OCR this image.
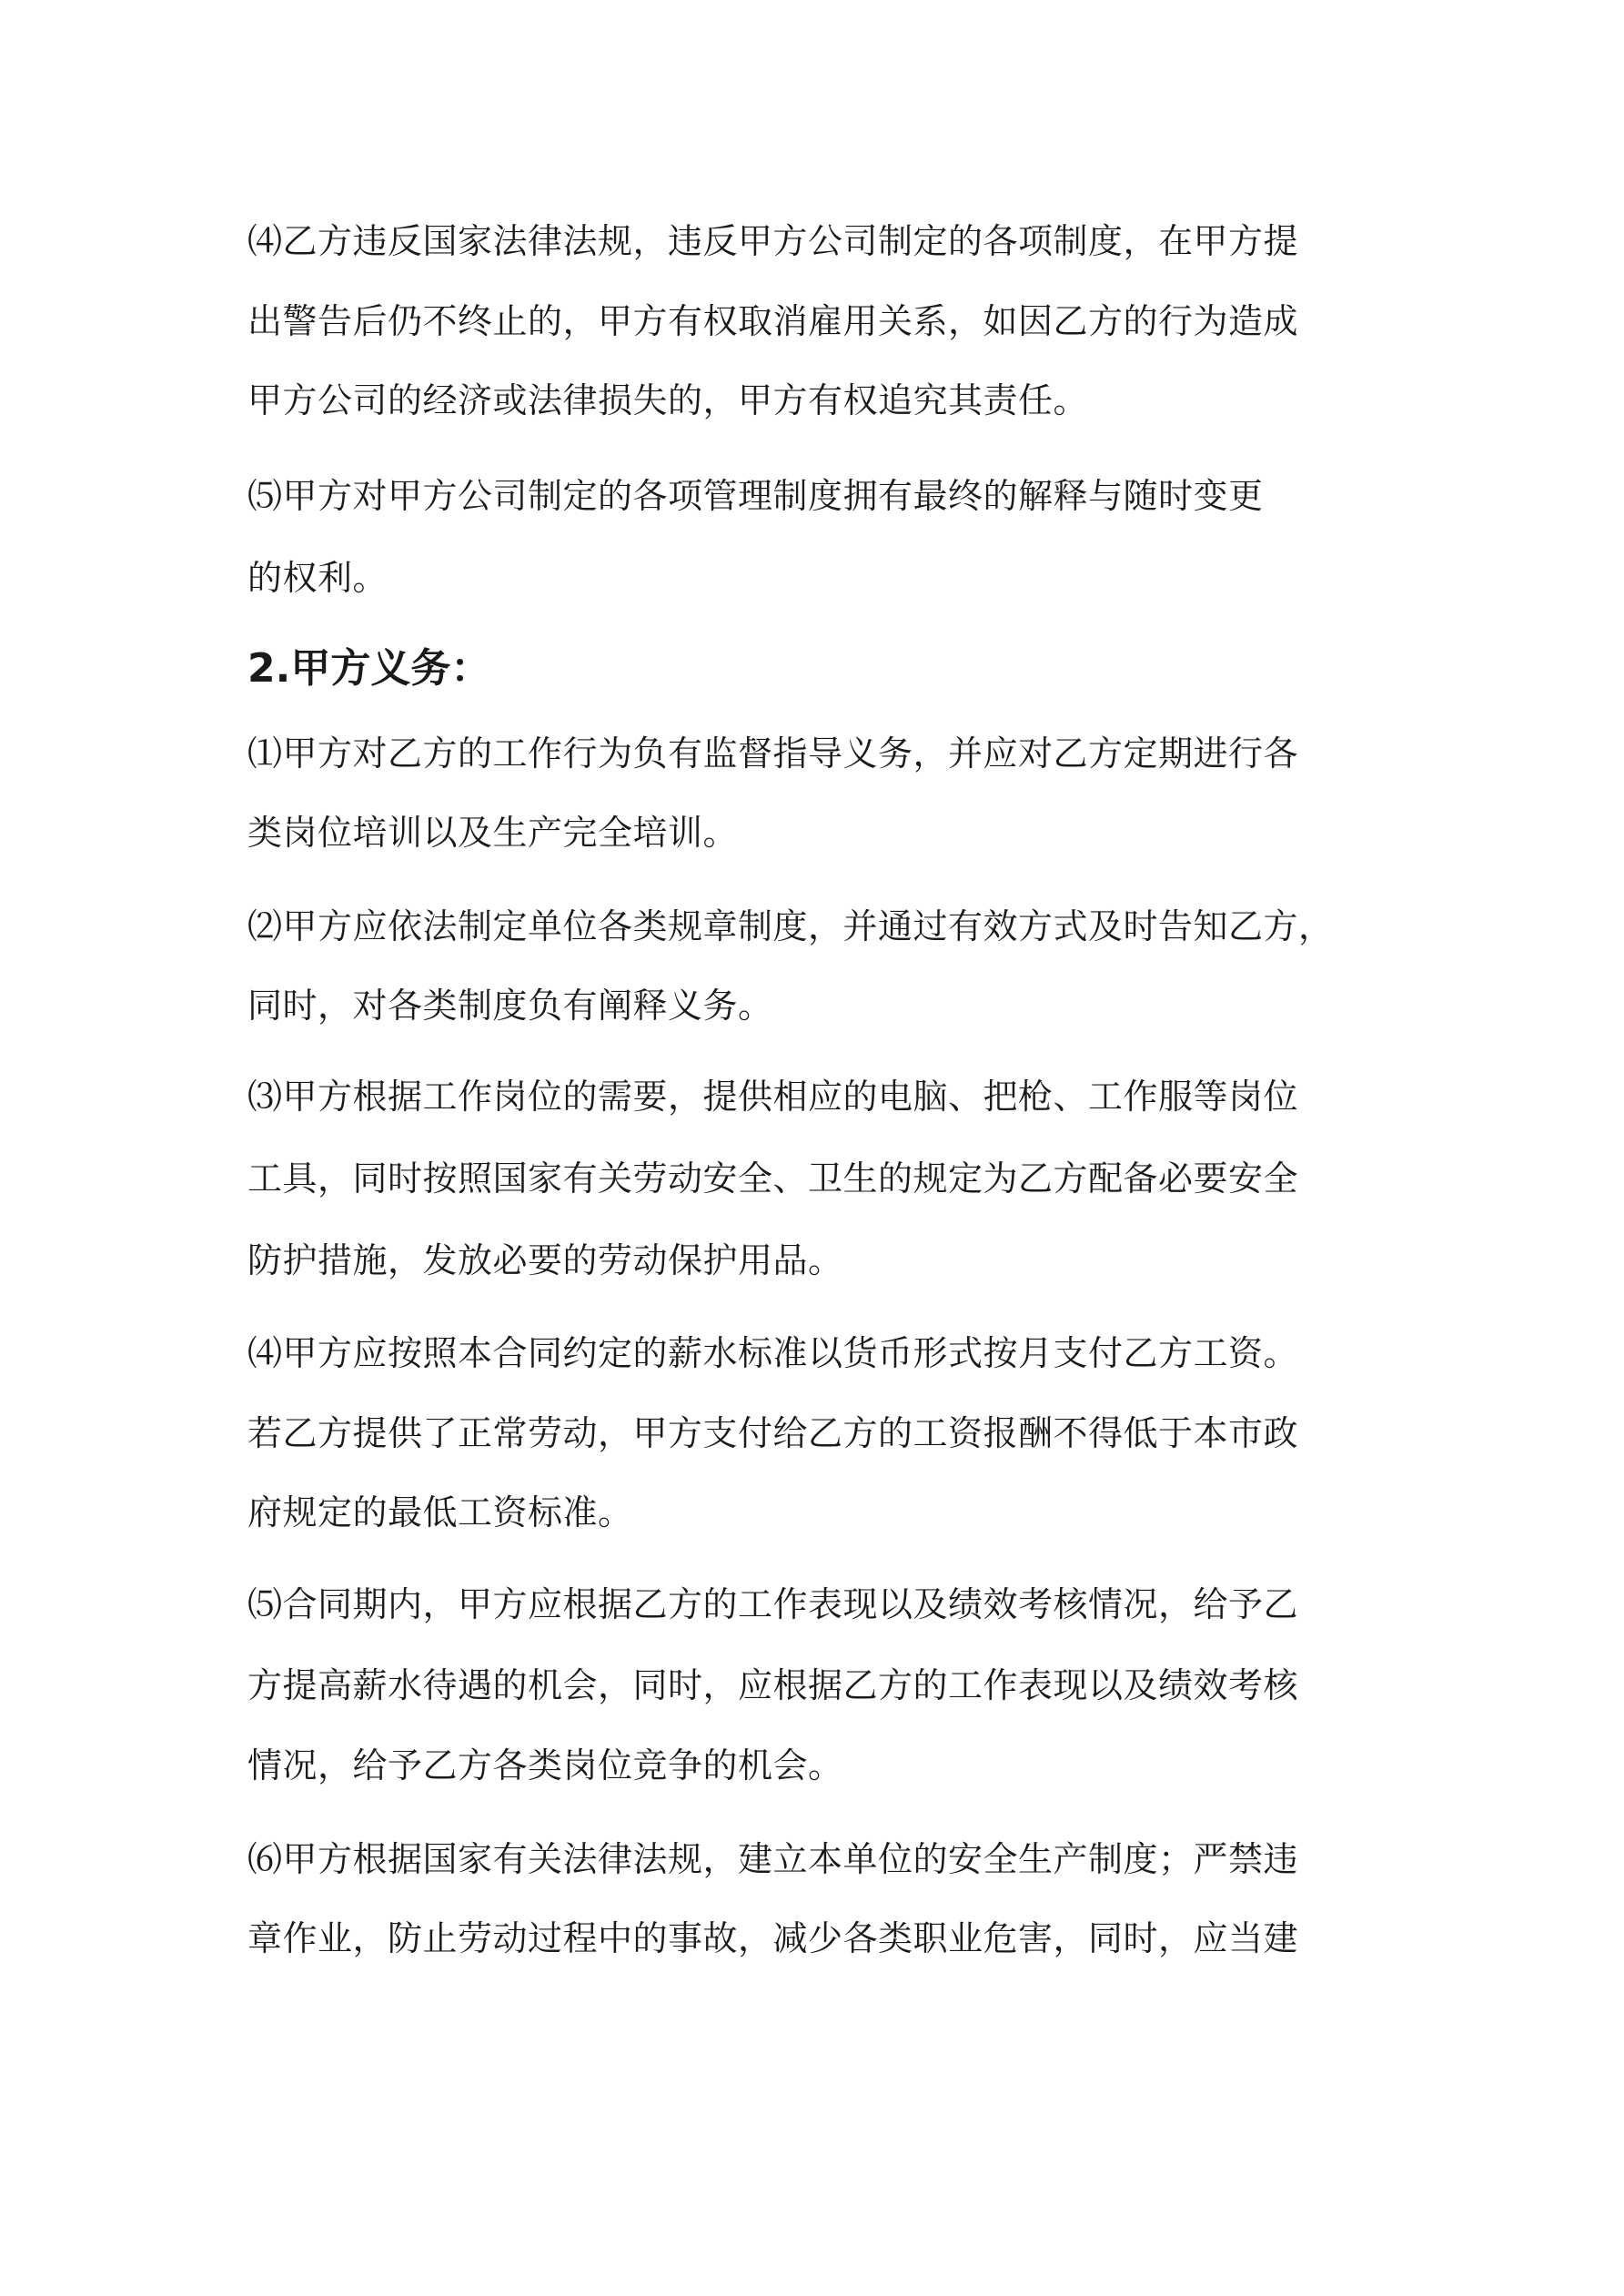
⑷乙方违反国家法律法规，违反甲方公司制定的各项制度，在甲方提
出警告后仍不终止的，甲方有权取消雇用关系，如因乙方的行为造成
甲方公司的经济或法律损失的，甲方有权追究其责任。
⑸甲方对甲方公司制定的各项管理制度拥有最终的解释与随时变更
的权利。
2.甲方义务：
⑴甲方对乙方的工作行为负有监督指导义务，并应对乙方定期进行各
类岗位培训以及生产完全培训。
⑵甲方应依法制定单位各类规章制度，并通过有效方式及时告知乙方，
同时，对各类制度负有阐释义务。
⑶甲方根据工作岗位的需要，提供相应的电脑、把枪、工作服等岗位
工具，同时按照国家有关劳动安全、卫生的规定为乙方配备必要安全
防护措施，发放必要的劳动保护用品。
⑷甲方应按照本合同约定的薪水标准以货币形式按月支付乙方工资。
若乙方提供了正常劳动，甲方支付给乙方的工资报酬不得低于本市政
府规定的最低工资标准。
⑸合同期内，甲方应根据乙方的工作表现以及绩效考核情况，给予乙
方提高薪水待遇的机会，同时，应根据乙方的工作表现以及绩效考核
情况，给予乙方各类岗位竞争的机会。
⑹甲方根据国家有关法律法规，建立本单位的安全生产制度；严禁违
章作业，防止劳动过程中的事故，减少各类职业危害，同时，应当建
